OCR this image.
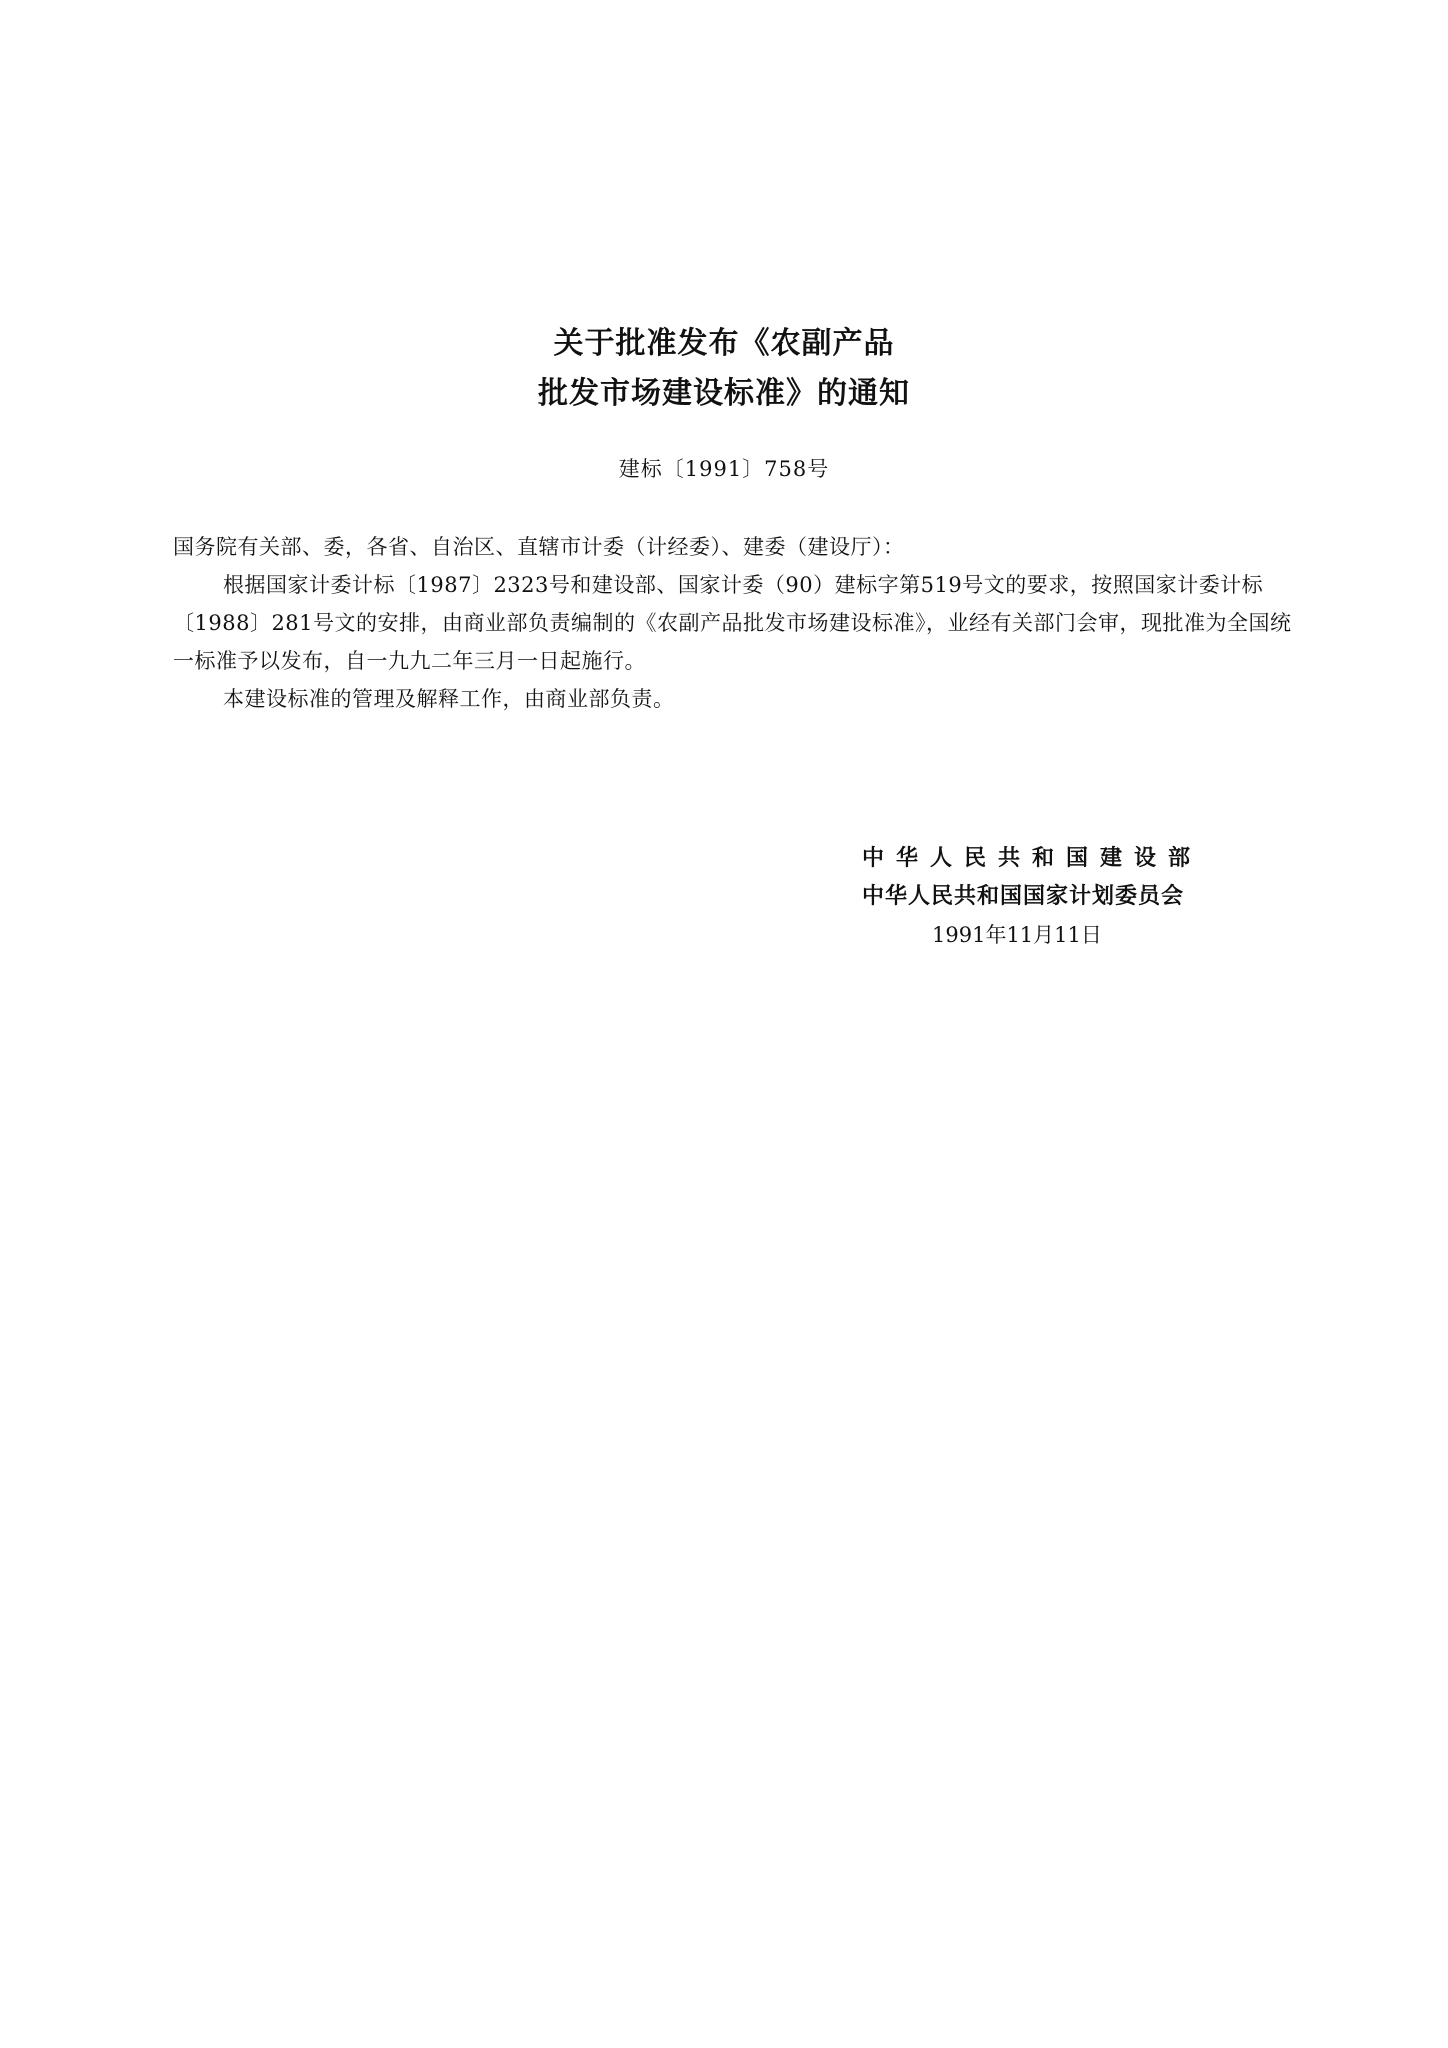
关于批准发布《农副产品
批发市场建设标准》的通知
建标〔1991〕758号

国务院有关部、委，各省、自治区、直辖市计委（计经委）、建委（建设厅）：

根据国家计委计标〔1987〕2323号和建设部、国家计委（90）建标字第519号文的要求，按照国家计委计标〔1988〕281号文的安排，由商业部负责编制的《农副产品批发市场建设标准》，业经有关部门会审，现批准为全国统一标准予以发布，自一九九二年三月一日起施行。

本建设标准的管理及解释工作，由商业部负责。

中华人民共和国建设部
中华人民共和国国家计划委员会
1991年11月11日
